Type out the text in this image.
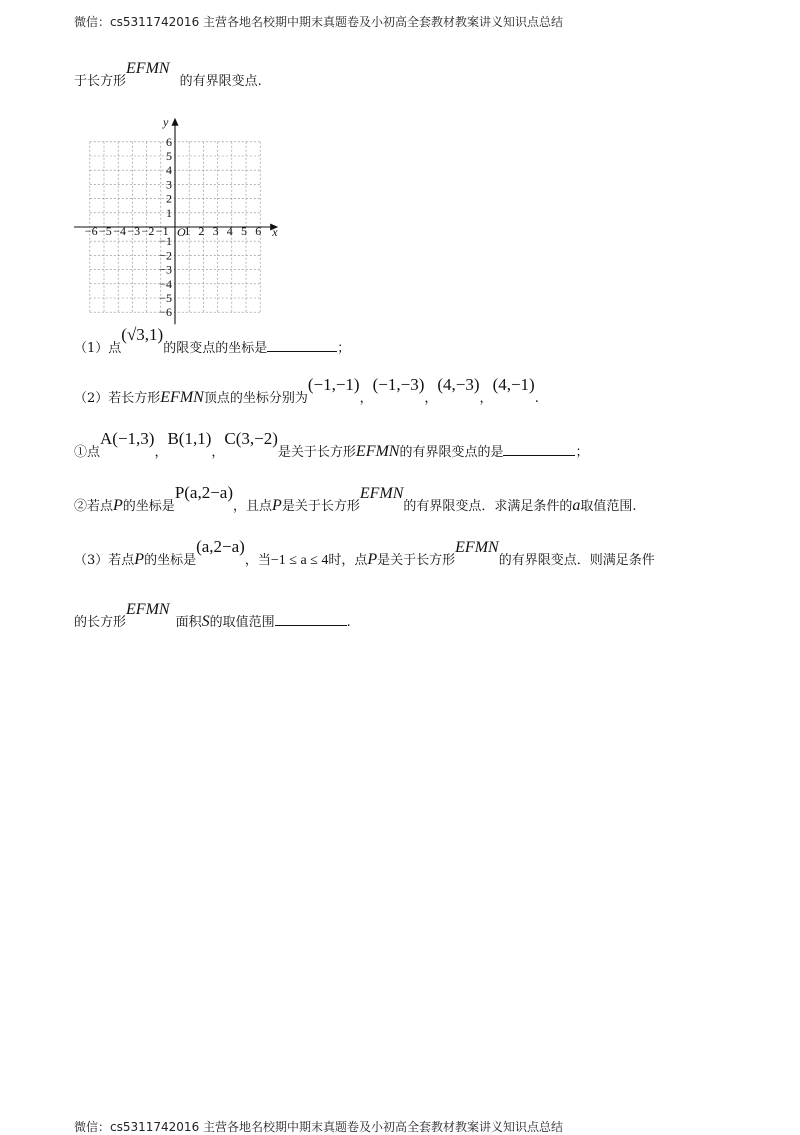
微信：cs5311742016 主营各地名校期中期末真题卷及小初高全套教材教案讲义知识点总结
于长方形EFMN的有界限变点.
−6 −5 −4 −3 −2 −1 1 2 3 4 5 6
6
5
4
3
2
1
−1
−2
−3
−4
−5
−6
O	x
y
（1）点(√3,1)的限变点的坐标是	；
（2）若长方形EFMN顶点的坐标分别为(−1,−1)，(−1,−3)，(4,−3)，(4,−1).
①点A(−1,3)，B(1,1)，C(3,−2)是关于长方形EFMN的有界限变点的是	；
②若点P的坐标是P(a,2−a)，且点P是关于长方形EFMN的有界限变点．求满足条件的a取值范围.
（3）若点P的坐标是(a,2−a)，当−1 ≤ a ≤ 4时，点P是关于长方形EFMN的有界限变点．则满足条件
的长方形EFMN面积S的取值范围	.
微信：cs5311742016 主营各地名校期中期末真题卷及小初高全套教材教案讲义知识点总结
